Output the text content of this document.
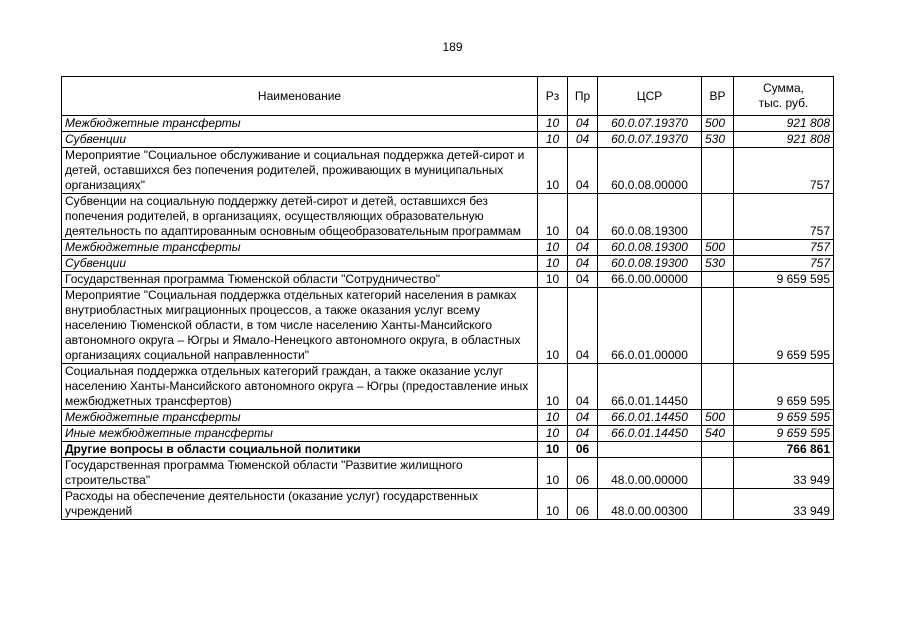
189
Наименование	Рз	Пр	ЦСР	ВР	Сумма,
тыс. руб.
Межбюджетные трансферты	10	04	60.0.07.19370	500	921 808
Субвенции	10	04	60.0.07.19370	530	921 808
Мероприятие "Социальное обслуживание и социальная поддержка детей-сирот и детей, оставшихся без попечения родителей, проживающих в муниципальных организациях"	10	04	60.0.08.00000		757
Субвенции на социальную поддержку детей-сирот и детей, оставшихся без попечения родителей, в организациях, осуществляющих образовательную деятельность по адаптированным основным общеобразовательным программам	10	04	60.0.08.19300		757
Межбюджетные трансферты	10	04	60.0.08.19300	500	757
Субвенции	10	04	60.0.08.19300	530	757
Государственная программа Тюменской области "Сотрудничество"	10	04	66.0.00.00000		9 659 595
Мероприятие "Социальная поддержка отдельных категорий населения в рамках внутриобластных миграционных процессов, а также оказания услуг всему населению Тюменской области, в том числе населению Ханты-Мансийского автономного округа – Югры и Ямало-Ненецкого автономного округа, в областных организациях социальной направленности"	10	04	66.0.01.00000		9 659 595
Социальная поддержка отдельных категорий граждан, а также оказание услуг населению Ханты-Мансийского автономного округа – Югры (предоставление иных межбюджетных трансфертов)	10	04	66.0.01.14450		9 659 595
Межбюджетные трансферты	10	04	66.0.01.14450	500	9 659 595
Иные межбюджетные трансферты	10	04	66.0.01.14450	540	9 659 595
Другие вопросы в области социальной политики	10	06			766 861
Государственная программа Тюменской области "Развитие жилищного строительства"	10	06	48.0.00.00000		33 949
Расходы на обеспечение деятельности (оказание услуг) государственных учреждений	10	06	48.0.00.00300		33 949
